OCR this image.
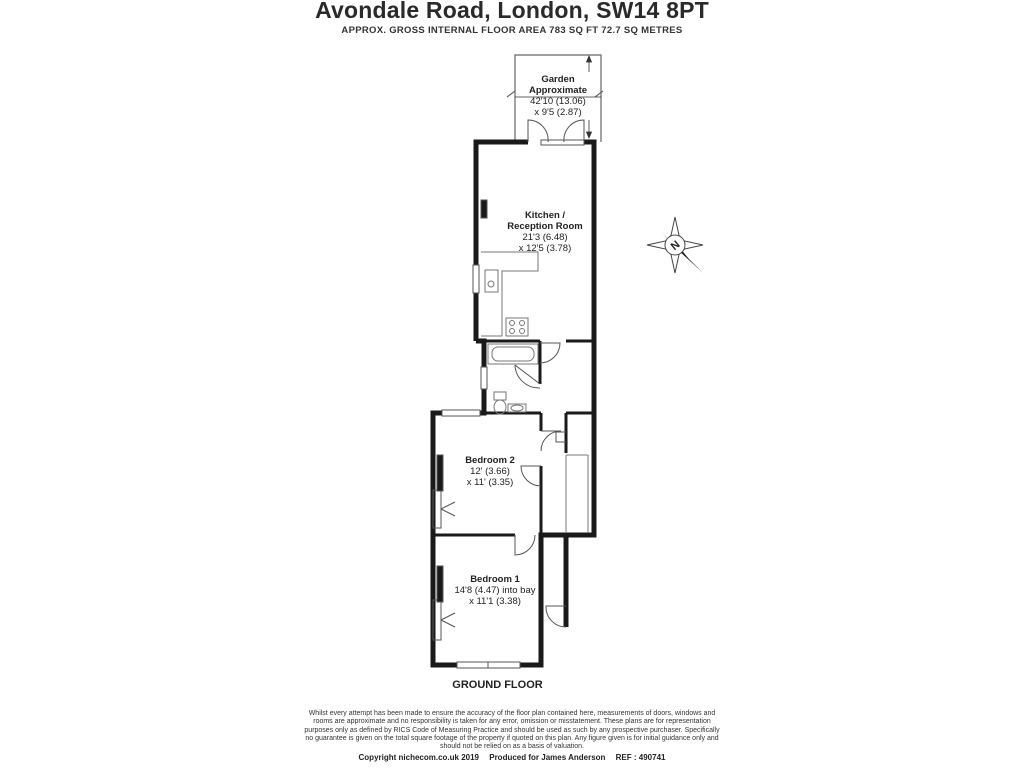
Avondale Road, London, SW14 8PT
APPROX. GROSS INTERNAL FLOOR AREA 783 SQ FT 72.7 SQ METRES
N
Garden
Approximate
42'10 (13.06)
x 9'5 (2.87)
Kitchen /
Reception Room
21'3 (6.48)
x 12'5 (3.78)
Bedroom 2
12' (3.66)
x 11' (3.35)
Bedroom 1
14'8 (4.47) into bay
x 11'1 (3.38)
GROUND FLOOR
Whilst every attempt has been made to ensure the accuracy of the floor plan contained here, measurements of doors, windows and rooms are approximate and no responsibility is taken for any error, omission or misstatement. These plans are for representation purposes only as defined by RICS Code of Measuring Practice and should be used as such by any prospective purchaser. Specifically no guarantee is given on the total square footage of the property if quoted on this plan. Any figure given is for initial guidance only and should not be relied on as a basis of valuation.
Copyright nichecom.co.uk 2019 Produced for James Anderson REF : 490741
